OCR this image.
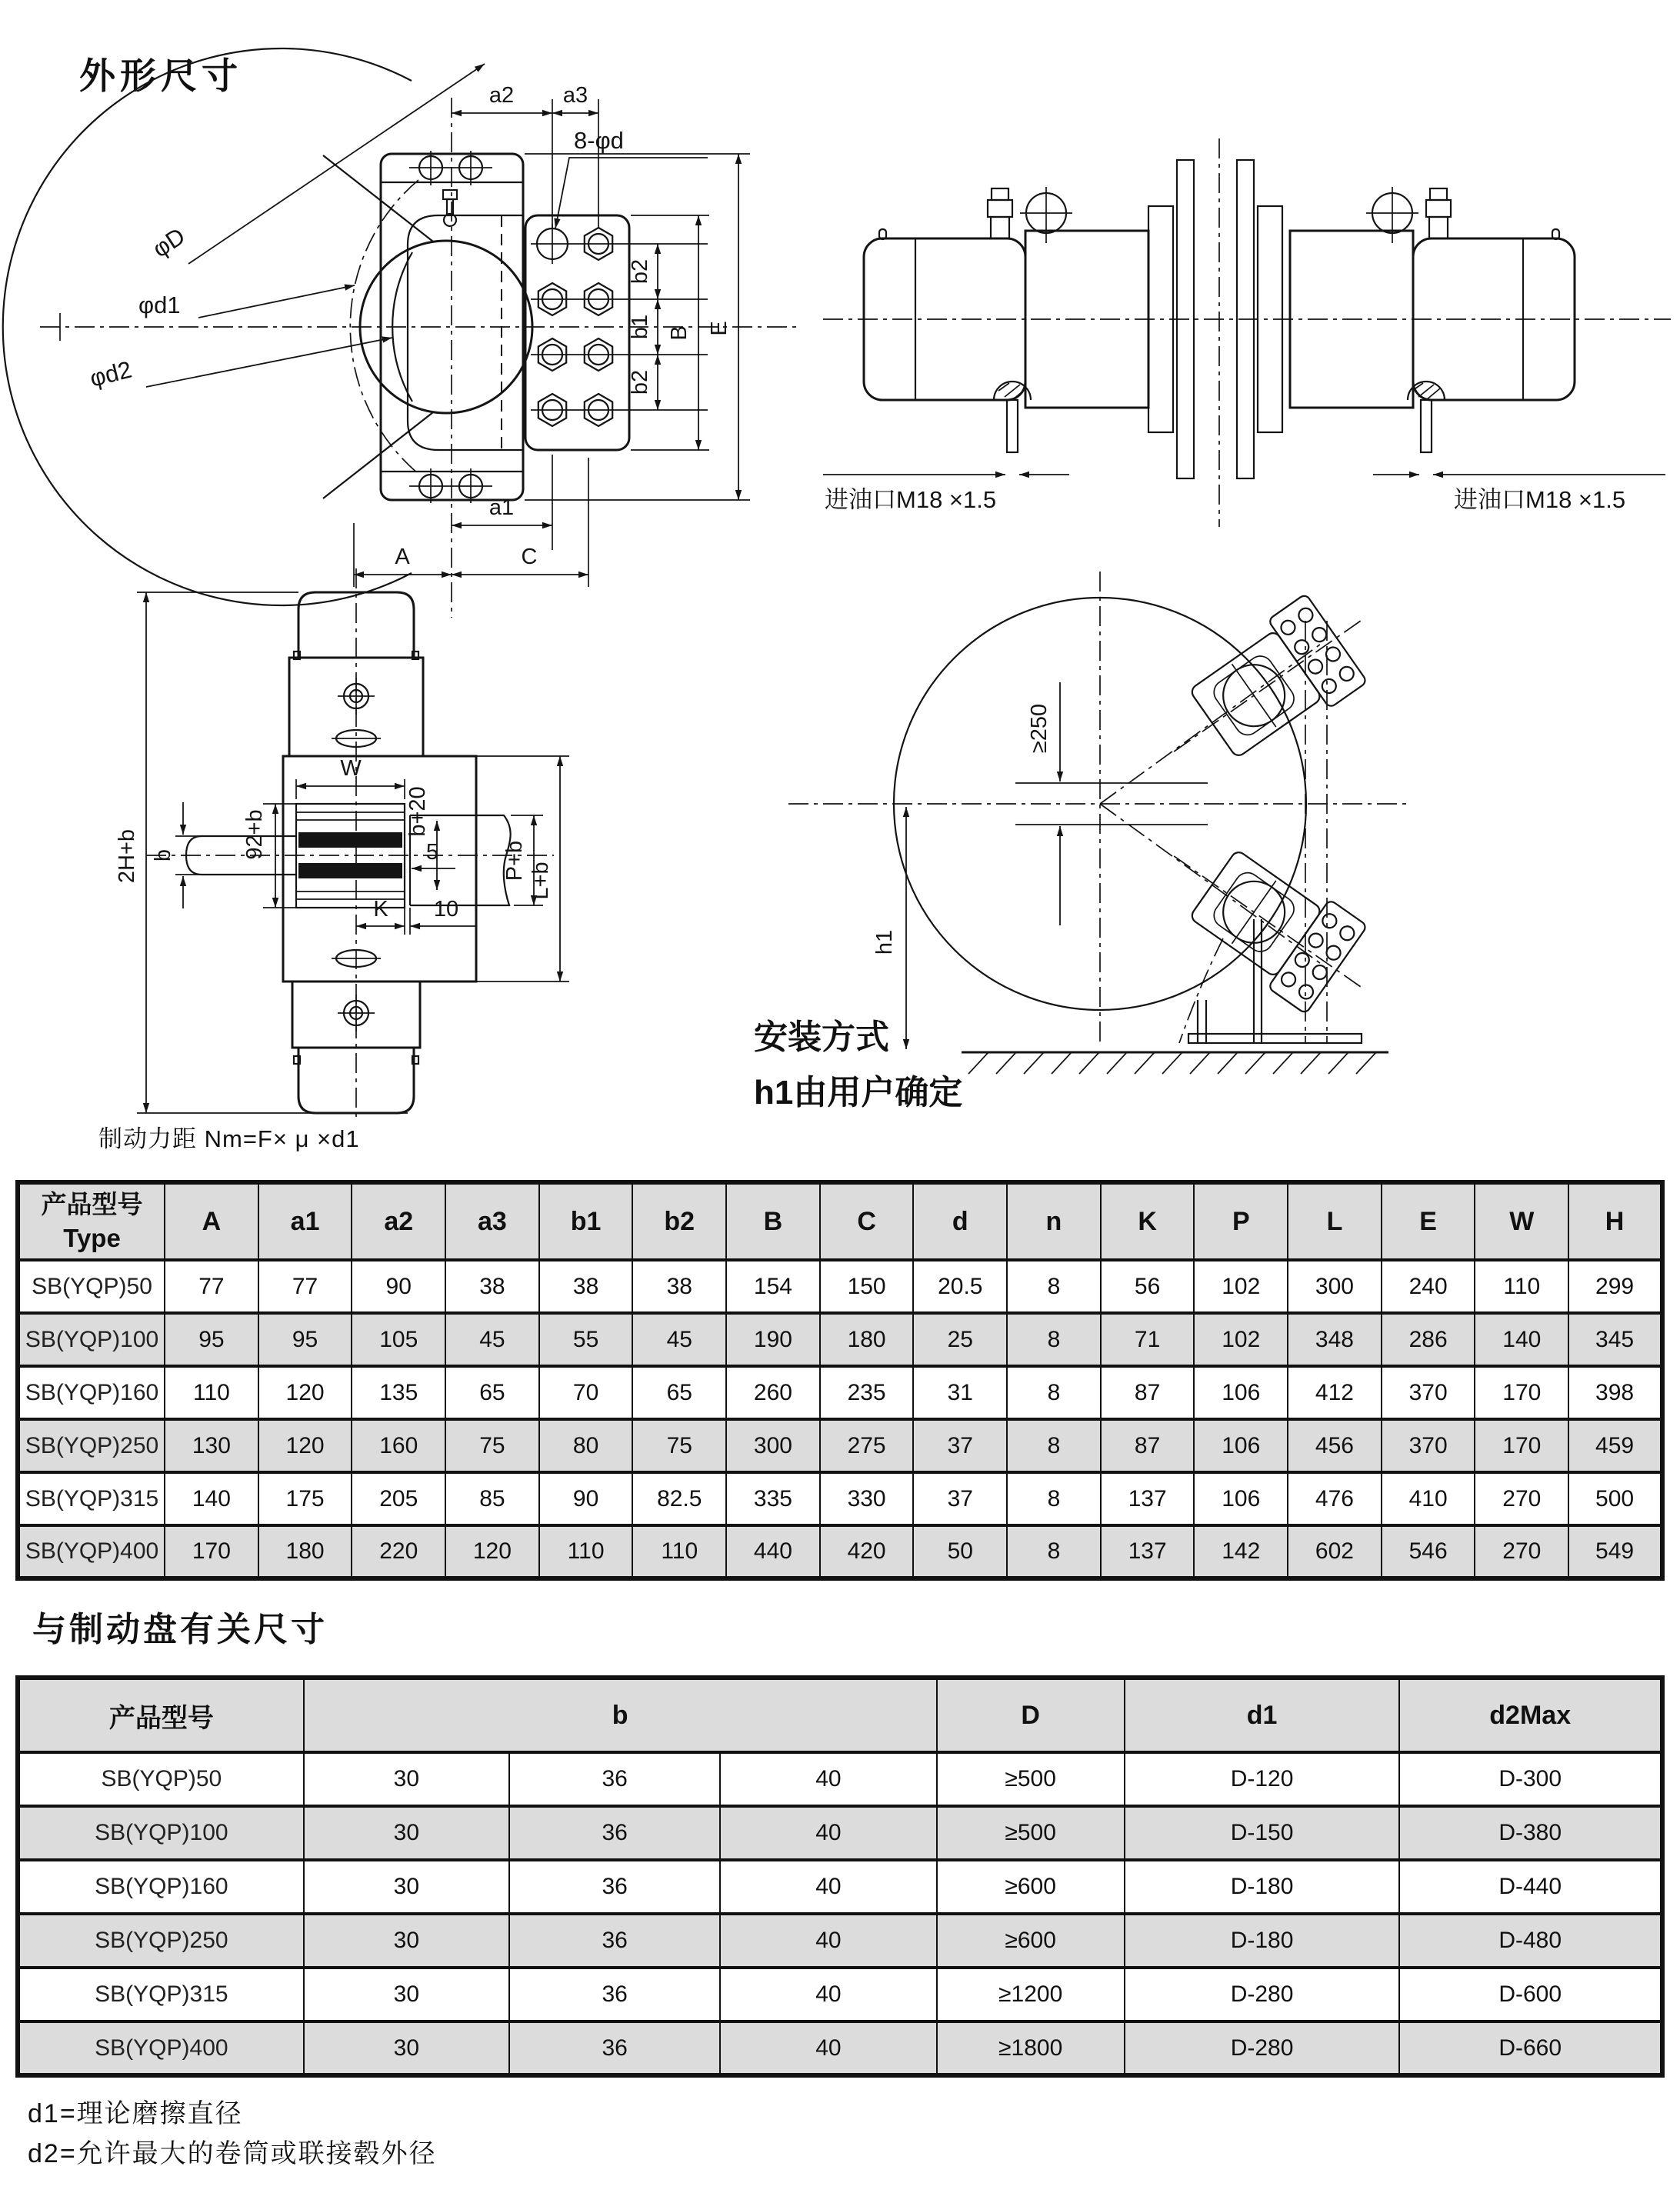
外形尺寸
制动力距 Nm=F× μ ×d1
与制动盘有关尺寸
d1=理论磨擦直径
d2=允许最大的卷筒或联接毂外径
φD
φd1
φd2
8-φd
a2 a3
b2
b1
b2
B E
a1
A	C
进油口M18 ×1.5	进油口M18 ×1.5
2H+b b	92+b
W
b+20
5	P+b L+b
K 10
≥250
h1
安装方式
h1由用户确定
产品型号
Type	A	a1	a2	a3	b1	b2	B	C	d	n	K	P	L	E	W	H
SB(YQP)50	77	77	90	38	38	38	154	150	20.5	8	56	102	300	240	110	299
SB(YQP)100	95	95	105	45	55	45	190	180	25	8	71	102	348	286	140	345
SB(YQP)160	110	120	135	65	70	65	260	235	31	8	87	106	412	370	170	398
SB(YQP)250	130	120	160	75	80	75	300	275	37	8	87	106	456	370	170	459
SB(YQP)315	140	175	205	85	90	82.5	335	330	37	8	137	106	476	410	270	500
SB(YQP)400	170	180	220	120	110	110	440	420	50	8	137	142	602	546	270	549
产品型号	b			D	d1	d2Max
SB(YQP)50	30	36	40	≥500	D-120	D-300
SB(YQP)100	30	36	40	≥500	D-150	D-380
SB(YQP)160	30	36	40	≥600	D-180	D-440
SB(YQP)250	30	36	40	≥600	D-180	D-480
SB(YQP)315	30	36	40	≥1200	D-280	D-600
SB(YQP)400	30	36	40	≥1800	D-280	D-660
